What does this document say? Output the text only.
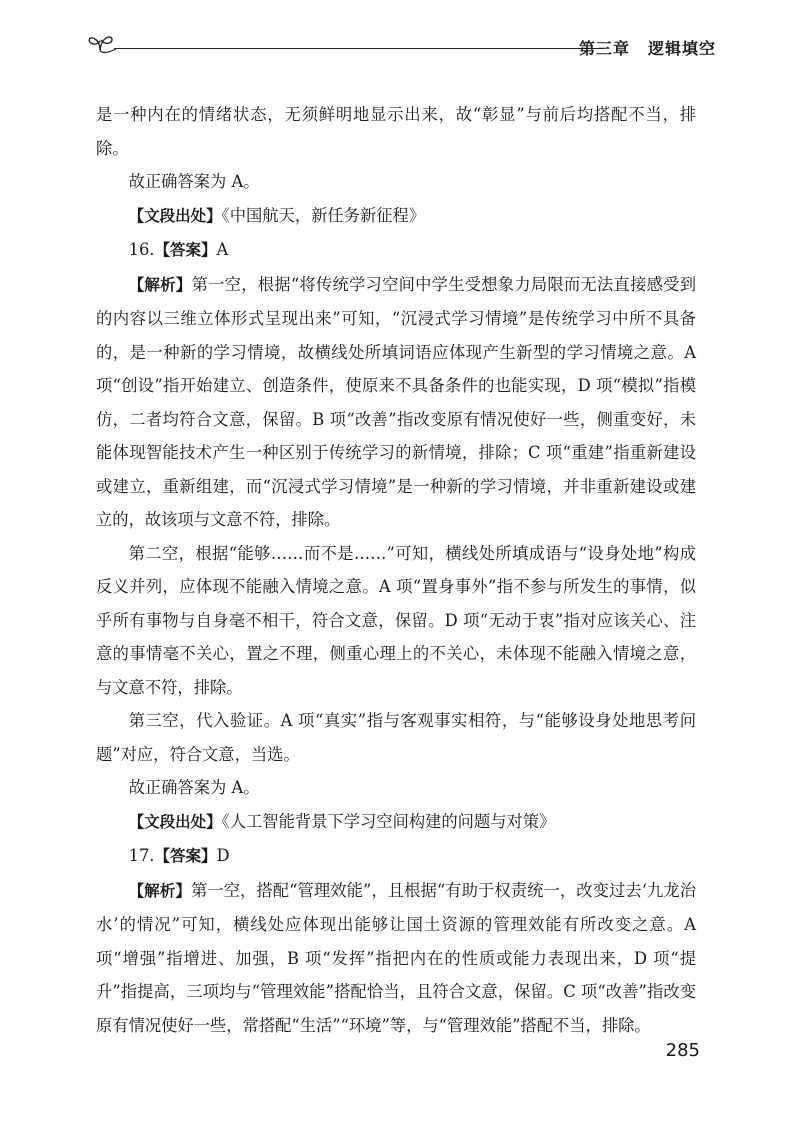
第三章 逻辑填空

是一种内在的情绪状态，无须鲜明地显示出来，故“彰显”与前后均搭配不当，排除。

故正确答案为 A。

【文段出处】《中国航天，新任务新征程》

16.【答案】A

【解析】第一空，根据“将传统学习空间中学生受想象力局限而无法直接感受到的内容以三维立体形式呈现出来”可知，“沉浸式学习情境”是传统学习中所不具备的，是一种新的学习情境，故横线处所填词语应体现产生新型的学习情境之意。A 项“创设”指开始建立、创造条件，使原来不具备条件的也能实现，D 项“模拟”指模仿，二者均符合文意，保留。B 项“改善”指改变原有情况使好一些，侧重变好，未能体现智能技术产生一种区别于传统学习的新情境，排除；C 项“重建”指重新建设或建立，重新组建，而“沉浸式学习情境”是一种新的学习情境，并非重新建设或建立的，故该项与文意不符，排除。

第二空，根据“能够……而不是……”可知，横线处所填成语与“设身处地”构成反义并列，应体现不能融入情境之意。A 项“置身事外”指不参与所发生的事情，似乎所有事物与自身毫不相干，符合文意，保留。D 项“无动于衷”指对应该关心、注意的事情毫不关心，置之不理，侧重心理上的不关心，未体现不能融入情境之意，与文意不符，排除。

第三空，代入验证。A 项“真实”指与客观事实相符，与“能够设身处地思考问题”对应，符合文意，当选。

故正确答案为 A。

【文段出处】《人工智能背景下学习空间构建的问题与对策》

17.【答案】D

【解析】第一空，搭配“管理效能”，且根据“有助于权责统一，改变过去‘九龙治水’的情况”可知，横线处应体现出能够让国土资源的管理效能有所改变之意。A 项“增强”指增进、加强，B 项“发挥”指把内在的性质或能力表现出来，D 项“提升”指提高，三项均与“管理效能”搭配恰当，且符合文意，保留。C 项“改善”指改变原有情况使好一些，常搭配“生活”“环境”等，与“管理效能”搭配不当，排除。

285
